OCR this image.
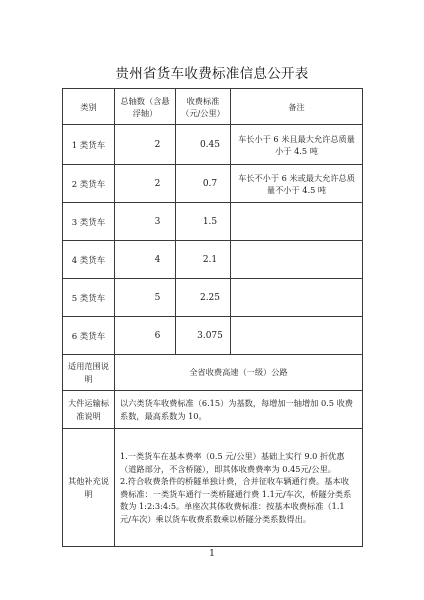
贵州省货车收费标准信息公开表
类别	总轴数（含悬浮轴）	收费标准（元/公里）	备注
1 类货车	2	0.45	车长小于 6 米且最大允许总质量小于 4.5 吨
2 类货车	2	0.7	车长不小于 6 米或最大允许总质量不小于 4.5 吨
3 类货车	3	1.5	
4 类货车	4	2.1	
5 类货车	5	2.25	
6 类货车	6	3.075	
适用范围说明	全省收费高速（一级）公路		
大件运输标准说明	以六类货车收费标准（6.15）为基数，每增加一轴增加 0.5 收费系数，最高系数为 10。		
其他补充说明	1.一类货车在基本费率（0.5 元/公里）基础上实行 9.0 折优惠（道路部分，不含桥隧），即其体收费费率为 0.45元/公里。
2.符合收费条件的桥隧单独计费，合并征收车辆通行费。基本收费标准：一类货车通行一类桥隧通行费 1.1元/车次，桥隧分类系数为 1:2:3:4:5。单座次其体收费标准：按基本收费标准（1.1 元/车次）乘以货车收费系数乘以桥隧分类系数得出。		
1
